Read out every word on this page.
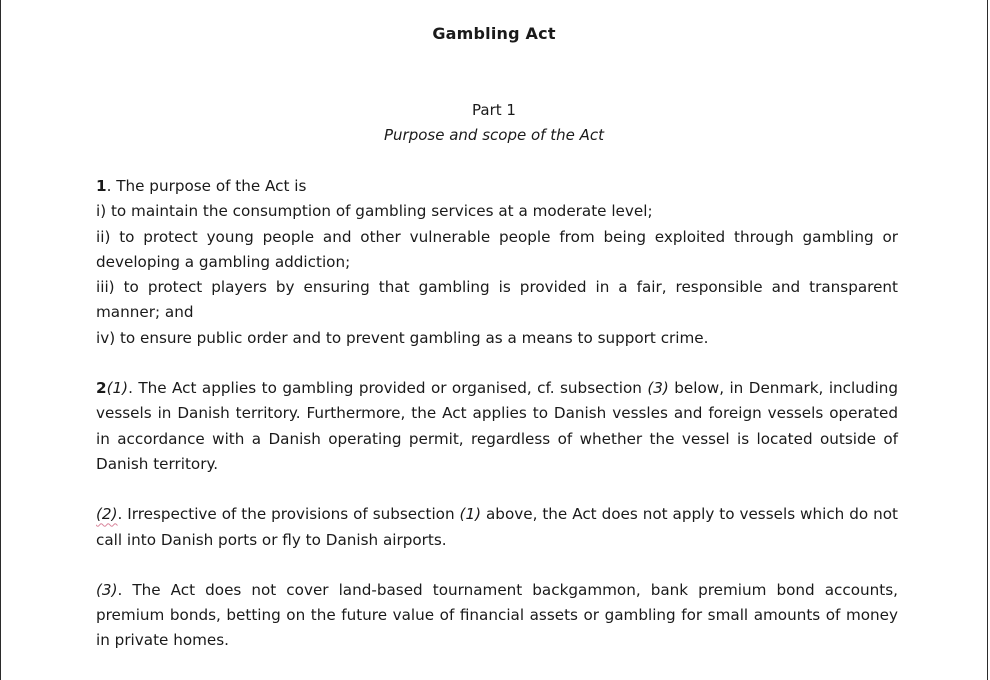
Gambling Act
Part 1
Purpose and scope of the Act

1. The purpose of the Act is

i) to maintain the consumption of gambling services at a moderate level;

ii) to protect young people and other vulnerable people from being exploited through gambling or developing a gambling addiction;

iii) to protect players by ensuring that gambling is provided in a fair, responsible and transparent manner; and

iv) to ensure public order and to prevent gambling as a means to support crime.

2(1). The Act applies to gambling provided or organised, cf. subsection (3) below, in Denmark, including vessels in Danish territory. Furthermore, the Act applies to Danish vessles and foreign vessels operated in accordance with a Danish operating permit, regardless of whether the vessel is located outside of Danish territory.

(2). Irrespective of the provisions of subsection (1) above, the Act does not apply to vessels which do not call into Danish ports or fly to Danish airports.

(3). The Act does not cover land-based tournament backgammon, bank premium bond accounts, premium bonds, betting on the future value of financial assets or gambling for small amounts of money in private homes.
